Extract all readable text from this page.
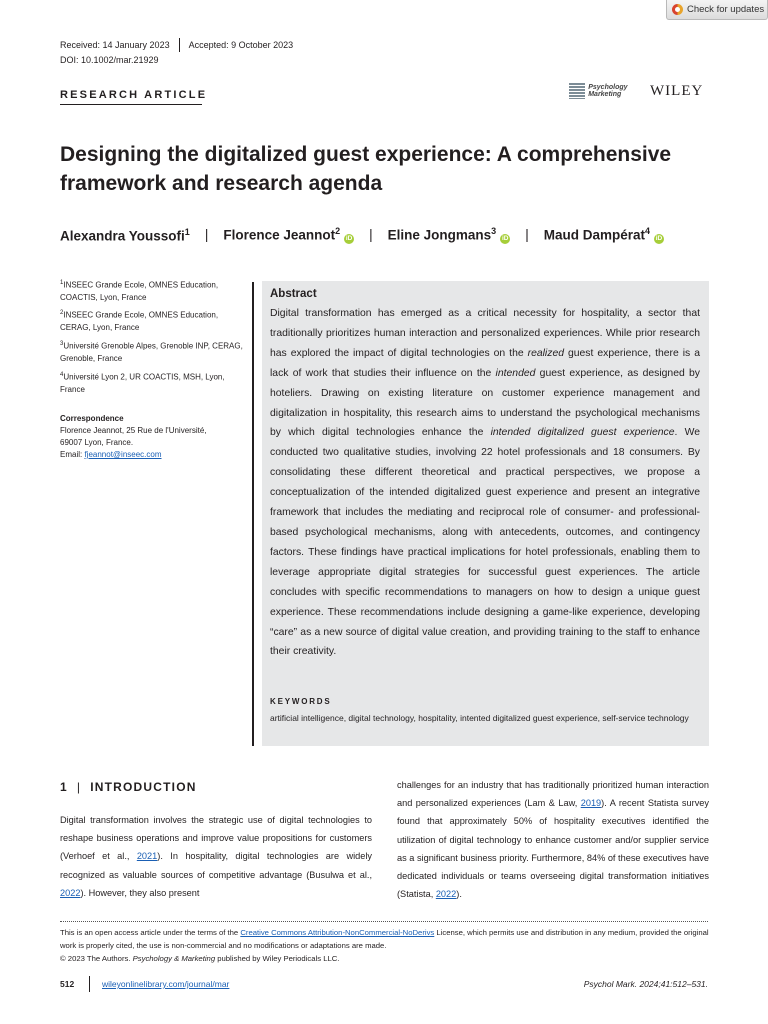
Check for updates
Received: 14 January 2023 Accepted: 9 October 2023
DOI: 10.1002/mar.21929
RESEARCH ARTICLE
Psychology Marketing	WILEY
Designing the digitalized guest experience: A comprehensive framework and research agenda
Alexandra Youssofi$^1$ | Florence Jeannot$^2$iD | Eline Jongmans$^3$iD | Maud Dampérat$^4$iD
$^1$INSEEC Grande Ecole, OMNES Education, COACTIS, Lyon, France
$^2$INSEEC Grande Ecole, OMNES Education, CERAG, Lyon, France
$^3$Université Grenoble Alpes, Grenoble INP, CERAG, Grenoble, France
$^4$Université Lyon 2, UR COACTIS, MSH, Lyon, France
Correspondence
Florence Jeannot, 25 Rue de l'Université,
69007 Lyon, France.
Email: fjeannot@inseec.com
Abstract
Digital transformation has emerged as a critical necessity for hospitality, a sector that traditionally prioritizes human interaction and personalized experiences. While prior research has explored the impact of digital technologies on the realized guest experience, there is a lack of work that studies their influence on the intended guest experience, as designed by hoteliers. Drawing on existing literature on customer experience management and digitalization in hospitality, this research aims to understand the psychological mechanisms by which digital technologies enhance the intended digitalized guest experience. We conducted two qualitative studies, involving 22 hotel professionals and 18 consumers. By consolidating these different theoretical and practical perspectives, we propose a conceptualization of the intended digitalized guest experience and present an integrative framework that includes the mediating and reciprocal role of consumer- and professional-based psychological mechanisms, along with antecedents, outcomes, and contingency factors. These findings have practical implications for hotel professionals, enabling them to leverage appropriate digital strategies for successful guest experiences. The article concludes with specific recommendations to managers on how to design a unique guest experience. These recommendations include designing a game-like experience, developing “care” as a new source of digital value creation, and providing training to the staff to enhance their creativity.
KEYWORDS
artificial intelligence, digital technology, hospitality, intented digitalized guest experience, self-service technology
1 | INTRODUCTION
Digital transformation involves the strategic use of digital technologies to reshape business operations and improve value propositions for customers (Verhoef et al., 2021). In hospitality, digital technologies are widely recognized as valuable sources of competitive advantage (Busulwa et al., 2022). However, they also present
challenges for an industry that has traditionally prioritized human interaction and personalized experiences (Lam & Law, 2019). A recent Statista survey found that approximately 50% of hospitality executives identified the utilization of digital technology to enhance customer and/or supplier service as a significant business priority. Furthermore, 84% of these executives have dedicated individuals or teams overseeing digital transformation initiatives (Statista, 2022).
This is an open access article under the terms of the Creative Commons Attribution-NonCommercial-NoDerivs License, which permits use and distribution in any medium, provided the original work is properly cited, the use is non-commercial and no modifications or adaptations are made.
© 2023 The Authors. Psychology & Marketing published by Wiley Periodicals LLC.
512	wileyonlinelibrary.com/journal/mar	Psychol Mark. 2024;41:512–531.
